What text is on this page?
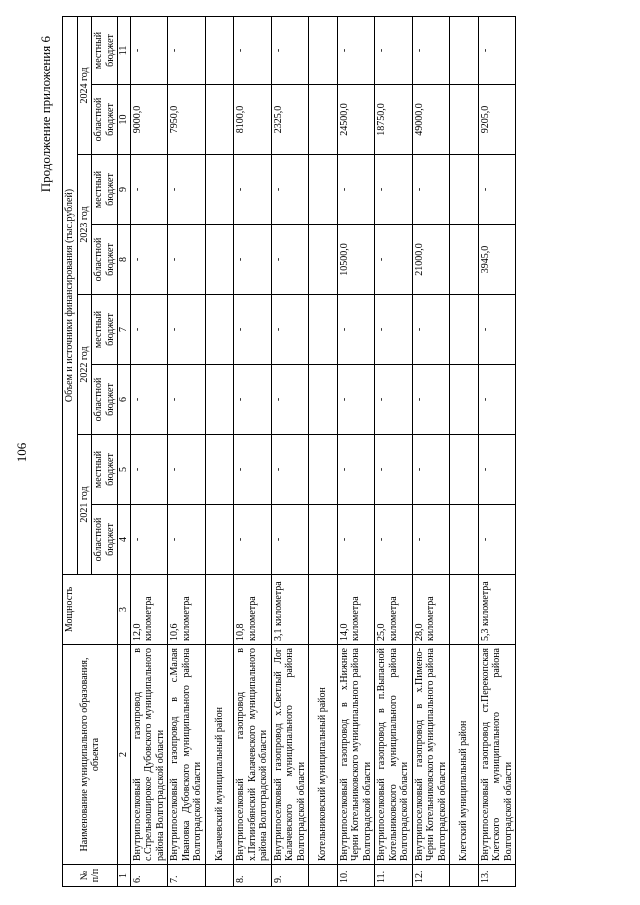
106
Продолжение приложения 6
№
п/п	Наименование муниципального образования, объекта	Мощность	Объем и источники финансирования (тыс.рублей)							
			2021 год		2022 год		2023 год		2024 год	
			областной бюджет	местный бюджет	областной бюджет	местный бюджет	областной бюджет	местный бюджет	областной бюджет	местный бюджет
1	2	3	4	5	6	7	8	9	10	11
6.	Внутрипоселковый газопровод в с.Стрельноширокое Дубовского муниципального района Волгоградской области	12,0 километра	-	-	-	-	-	-	9000,0	-
7.	Внутрипоселковый газопровод в с.Малая Ивановка Дубовского муниципального района Волгоградской области	10,6 километра	-	-	-	-	-	-	7950,0	-
	Калачевский муниципальный район									
8.	Внутрипоселковый газопровод в х.Пятиизбянский Калачевского муниципального района Волгоградской области	10,8 километра	-	-	-	-	-	-	8100,0	-
9.	Внутрипоселковый газопровод х.Светлый Лог Калачевского муниципального района Волгоградской области	3,1 километра	-	-	-	-	-	-	2325,0	-
	Котельниковский муниципальный район									
10.	Внутрипоселковый газопровод в х.Нижние Черни Котельниковского муниципального района Волгоградской области	14,0 километра	-	-	-	-	10500,0	-	24500,0	-
11.	Внутрипоселковый газопровод в п.Выпасной Котельниковского муниципального района Волгоградской области	25,0 километра	-	-	-	-	-	-	18750,0	-
12.	Внутрипоселковый газопровод в х.Пимено-Черни Котельниковского муниципального района Волгоградской области	28,0 километра	-	-	-	-	21000,0	-	49000,0	-
	Клетский муниципальный район									
13.	Внутрипоселковый газопровод ст.Перекопская Клетского муниципального района Волгоградской области	5,3 километра	-	-	-	-	3945,0	-	9205,0	-
